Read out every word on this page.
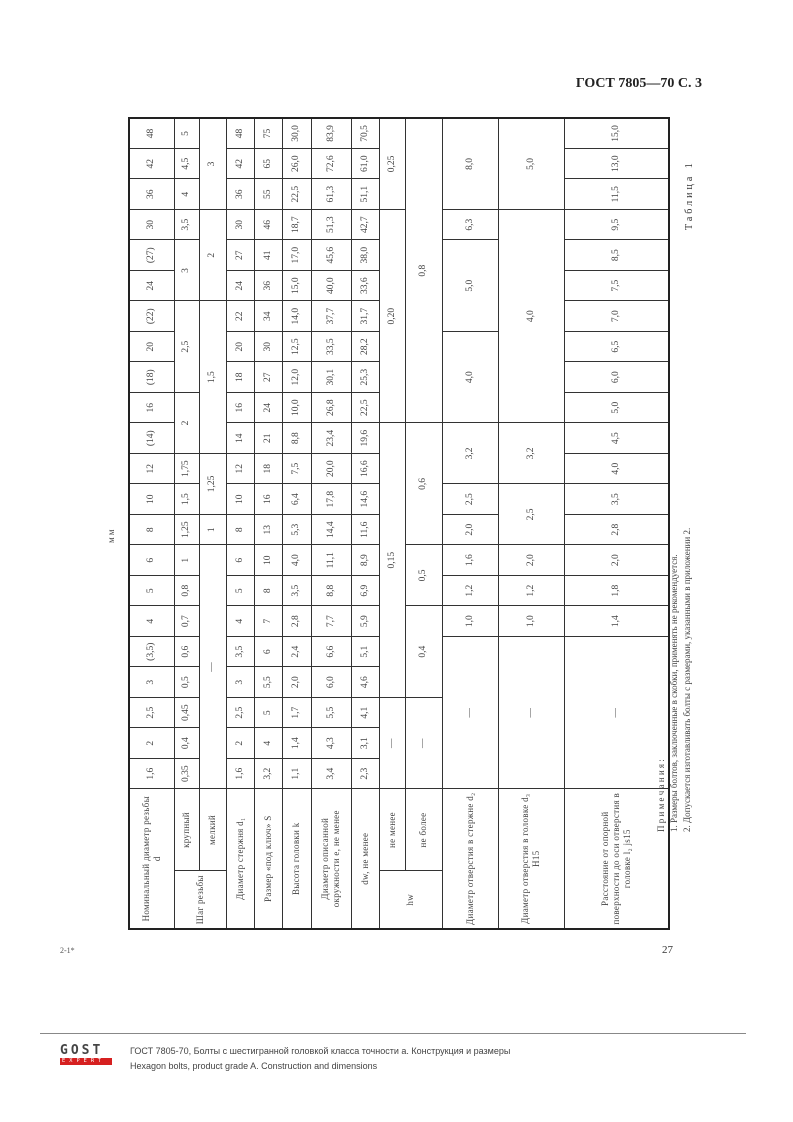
ГОСТ 7805—70 С. 3
мм
Таблица 1
Номинальный диаметр резьбы d		1,6	2	2,5	3	(3,5)	4	5	6	8	10	12	(14)	16	(18)	20	(22)	24	(27)	30	36	42	48
Шаг резьбы	крупный	0,35	0,4	0,45	0,5	0,6	0,7	0,8	1	1,25	1,5	1,75	2		2,5			3		3,5	4	4,5	5
	мелкий	—								1	1,25		1,5					2			3		
Диаметр стержня d₁		1,6	2	2,5	3	3,5	4	5	6	8	10	12	14	16	18	20	22	24	27	30	36	42	48
Размер «под ключ» S		3,2	4	5	5,5	6	7	8	10	13	16	18	21	24	27	30	34	36	41	46	55	65	75
Высота головки k		1,1	1,4	1,7	2,0	2,4	2,8	3,5	4,0	5,3	6,4	7,5	8,8	10,0	12,0	12,5	14,0	15,0	17,0	18,7	22,5	26,0	30,0
Диаметр описанной окружности e, не менее		3,4	4,3	5,5	6,0	6,6	7,7	8,8	11,1	14,4	17,8	20,0	23,4	26,8	30,1	33,5	37,7	40,0	45,6	51,3	61,3	72,6	83,9
dw, не менее		2,3	3,1	4,1	4,6	5,1	5,9	6,9	8,9	11,6	14,6	16,6	19,6	22,5	25,3	28,2	31,7	33,6	38,0	42,7	51,1	61,0	70,5
hw	не менее	—			0,15									0,20							0,25		
	не более	—			0,4			0,5		0,6				0,8									
Диаметр отверстия в стержне d₂		—					1,0	1,2	1,6	2,0	2,5	3,2		4,0			5,0			6,3	8,0		
Диаметр отверстия в головке d₃ H15		—					1,0	1,2	2,0	2,5		3,2		4,0							5,0		
Расстояние от опорной поверхности до оси отверстия в головке l₂ js15		—					1,4	1,8	2,0	2,8	3,5	4,0	4,5	5,0	6,0	6,5	7,0	7,5	8,5	9,5	11,5	13,0	15,0
П р и м е ч а н и я : 1. Размеры болтов, заключенные в скобки, применять не рекомендуется. 2. Допускается изготавливать болты с размерами, указанными в приложении 2.
2-1*	27
GOST
EXPERT
ГОСТ 7805-70, Болты с шестигранной головкой класса точности а. Конструкция и размеры
Hexagon bolts, product grade A. Construction and dimensions
